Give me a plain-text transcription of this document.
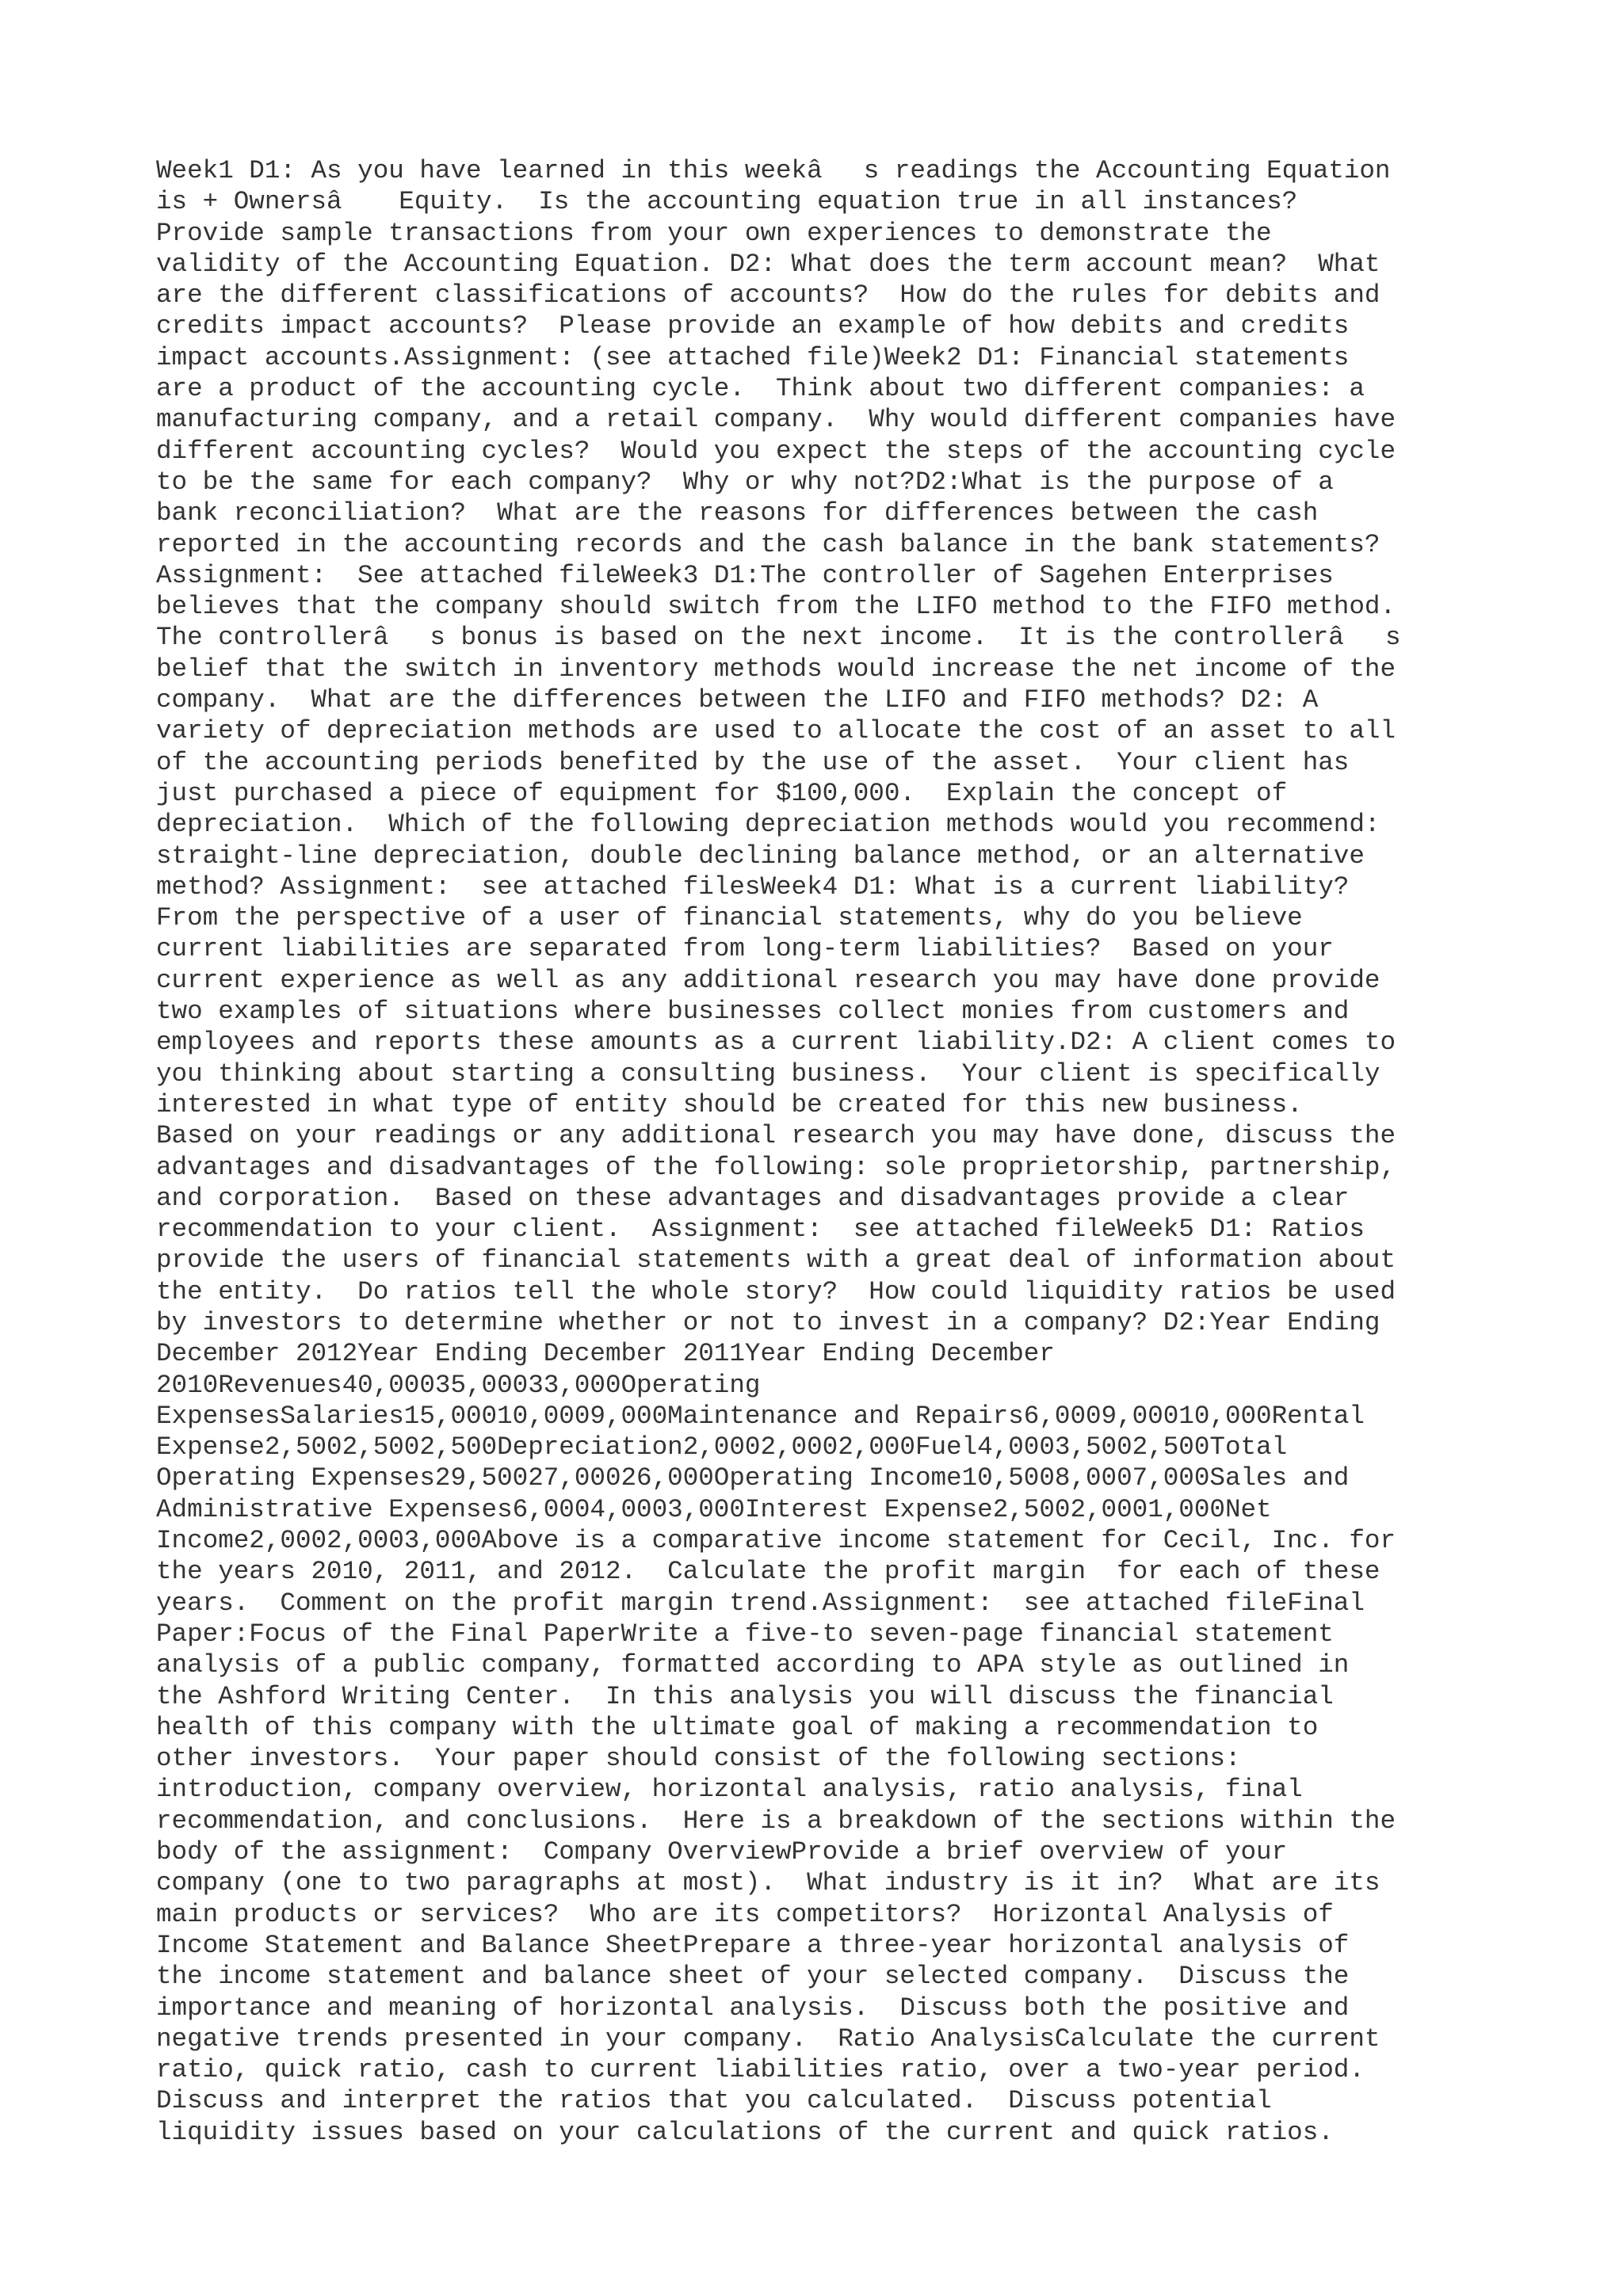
Week1 D1: As you have learned in this weekâs readings the Accounting Equation
is + Ownersâ Equity.  Is the accounting equation true in all instances?
Provide sample transactions from your own experiences to demonstrate the
validity of the Accounting Equation. D2: What does the term account mean?  What
are the different classifications of accounts?  How do the rules for debits and
credits impact accounts?  Please provide an example of how debits and credits
impact accounts.Assignment: (see attached file)Week2 D1: Financial statements
are a product of the accounting cycle.  Think about two different companies: a
manufacturing company, and a retail company.  Why would different companies have
different accounting cycles?  Would you expect the steps of the accounting cycle
to be the same for each company?  Why or why not?D2:What is the purpose of a
bank reconciliation?  What are the reasons for differences between the cash
reported in the accounting records and the cash balance in the bank statements?
Assignment:  See attached fileWeek3 D1:The controller of Sagehen Enterprises
believes that the company should switch from the LIFO method to the FIFO method.
The controllerâs bonus is based on the next income.  It is the controllerâs
belief that the switch in inventory methods would increase the net income of the
company.  What are the differences between the LIFO and FIFO methods? D2: A
variety of depreciation methods are used to allocate the cost of an asset to all
of the accounting periods benefited by the use of the asset.  Your client has
just purchased a piece of equipment for $100,000.  Explain the concept of
depreciation.  Which of the following depreciation methods would you recommend:
straight-line depreciation, double declining balance method, or an alternative
method? Assignment:  see attached filesWeek4 D1: What is a current liability?
From the perspective of a user of financial statements, why do you believe
current liabilities are separated from long-term liabilities?  Based on your
current experience as well as any additional research you may have done provide
two examples of situations where businesses collect monies from customers and
employees and reports these amounts as a current liability.D2: A client comes to
you thinking about starting a consulting business.  Your client is specifically
interested in what type of entity should be created for this new business.
Based on your readings or any additional research you may have done, discuss the
advantages and disadvantages of the following: sole proprietorship, partnership,
and corporation.  Based on these advantages and disadvantages provide a clear
recommendation to your client.  Assignment:  see attached fileWeek5 D1: Ratios
provide the users of financial statements with a great deal of information about
the entity.  Do ratios tell the whole story?  How could liquidity ratios be used
by investors to determine whether or not to invest in a company? D2:Year Ending
December 2012Year Ending December 2011Year Ending December
2010Revenues40,00035,00033,000Operating
ExpensesSalaries15,00010,0009,000Maintenance and Repairs6,0009,00010,000Rental
Expense2,5002,5002,500Depreciation2,0002,0002,000Fuel4,0003,5002,500Total
Operating Expenses29,50027,00026,000Operating Income10,5008,0007,000Sales and
Administrative Expenses6,0004,0003,000Interest Expense2,5002,0001,000Net
Income2,0002,0003,000Above is a comparative income statement for Cecil, Inc. for
the years 2010, 2011, and 2012.  Calculate the profit margin  for each of these
years.  Comment on the profit margin trend.Assignment:  see attached fileFinal
Paper:Focus of the Final PaperWrite a five-to seven-page financial statement
analysis of a public company, formatted according to APA style as outlined in
the Ashford Writing Center.  In this analysis you will discuss the financial
health of this company with the ultimate goal of making a recommendation to
other investors.  Your paper should consist of the following sections:
introduction, company overview, horizontal analysis, ratio analysis, final
recommendation, and conclusions.  Here is a breakdown of the sections within the
body of the assignment:  Company OverviewProvide a brief overview of your
company (one to two paragraphs at most).  What industry is it in?  What are its
main products or services?  Who are its competitors?  Horizontal Analysis of
Income Statement and Balance SheetPrepare a three-year horizontal analysis of
the income statement and balance sheet of your selected company.  Discuss the
importance and meaning of horizontal analysis.  Discuss both the positive and
negative trends presented in your company.  Ratio AnalysisCalculate the current
ratio, quick ratio, cash to current liabilities ratio, over a two-year period.
Discuss and interpret the ratios that you calculated.  Discuss potential
liquidity issues based on your calculations of the current and quick ratios.
